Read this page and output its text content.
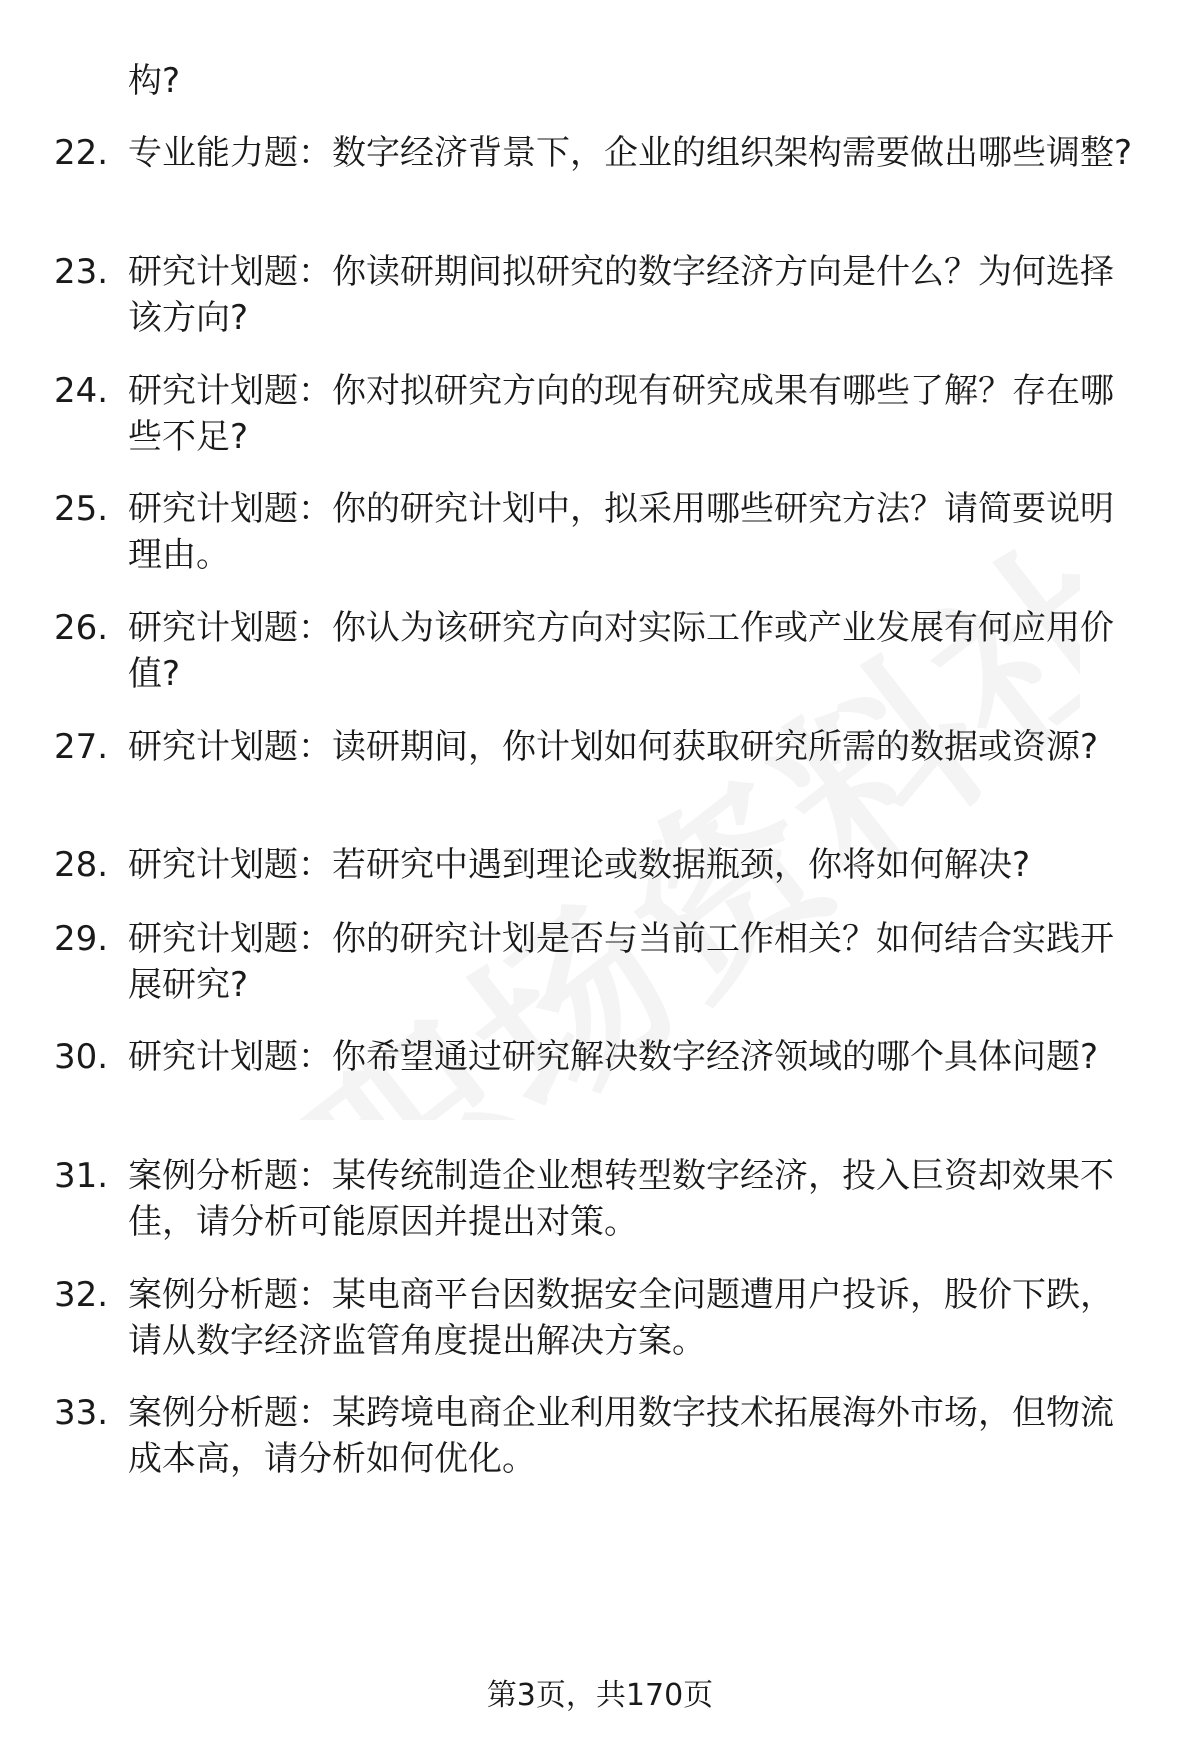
构?

22. 专业能力题：数字经济背景下，企业的组织架构需要做出哪些调整?

23. 研究计划题：你读研期间拟研究的数字经济方向是什么？为何选择该方向?

24. 研究计划题：你对拟研究方向的现有研究成果有哪些了解？存在哪些不足?

25. 研究计划题：你的研究计划中，拟采用哪些研究方法？请简要说明理由。

26. 研究计划题：你认为该研究方向对实际工作或产业发展有何应用价值?

27. 研究计划题：读研期间，你计划如何获取研究所需的数据或资源?

28. 研究计划题：若研究中遇到理论或数据瓶颈，你将如何解决?

29. 研究计划题：你的研究计划是否与当前工作相关？如何结合实践开展研究?

30. 研究计划题：你希望通过研究解决数字经济领域的哪个具体问题?

31. 案例分析题：某传统制造企业想转型数字经济，投入巨资却效果不佳，请分析可能原因并提出对策。

32. 案例分析题：某电商平台因数据安全问题遭用户投诉，股价下跌，请从数字经济监管角度提出解决方案。

33. 案例分析题：某跨境电商企业利用数字技术拓展海外市场，但物流成本高，请分析如何优化。

第3页，共170页
